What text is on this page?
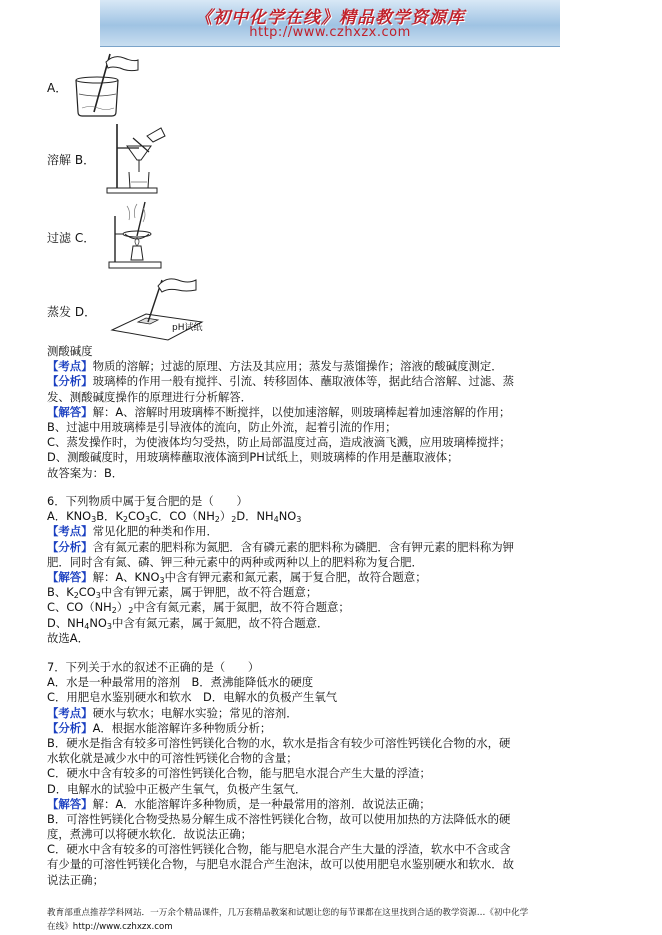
《初中化学在线》精品教学资源库
http://www.czhxzx.com
A．
溶解 B．
过滤 C．
蒸发 D．
pH试纸
测酸碱度
【考点】物质的溶解；过滤的原理、方法及其应用；蒸发与蒸馏操作；溶液的酸碱度测定．
【分析】玻璃棒的作用一般有搅拌、引流、转移固体、蘸取液体等，据此结合溶解、过滤、蒸
发、测酸碱度操作的原理进行分析解答．
【解答】解：A、溶解时用玻璃棒不断搅拌，以使加速溶解，则玻璃棒起着加速溶解的作用；
B、过滤中用玻璃棒是引导液体的流向，防止外流，起着引流的作用；
C、蒸发操作时，为使液体均匀受热，防止局部温度过高，造成液滴飞溅，应用玻璃棒搅拌；
D、测酸碱度时，用玻璃棒蘸取液体滴到PH试纸上，则玻璃棒的作用是蘸取液体；
故答案为：B．
6．下列物质中属于复合肥的是（　　）
A．$KNO_3B$．$K_2CO_3C$．$CO(NH_2)_2D$．$NH_4NO_3$
【考点】常见化肥的种类和作用．
【分析】含有氮元素的肥料称为氮肥．含有磷元素的肥料称为磷肥．含有钾元素的肥料称为钾
肥．同时含有氮、磷、钾三种元素中的两种或两种以上的肥料称为复合肥．
【解答】解：A、$KNO_3$中含有钾元素和氮元素，属于复合肥，故符合题意；
B、$K_2CO_3$中含有钾元素，属于钾肥，故不符合题意；
C、$CO(NH_2)_2$中含有氮元素，属于氮肥，故不符合题意；
D、$NH_4NO_3$中含有氮元素，属于氮肥，故不符合题意．
故选A．
7．下列关于水的叙述不正确的是（　　）
A．水是一种最常用的溶剂　B．煮沸能降低水的硬度
C．用肥皂水鉴别硬水和软水　D．电解水的负极产生氧气
【考点】硬水与软水；电解水实验；常见的溶剂．
【分析】A．根据水能溶解许多种物质分析；
B．硬水是指含有较多可溶性钙镁化合物的水，软水是指含有较少可溶性钙镁化合物的水，硬
水软化就是减少水中的可溶性钙镁化合物的含量；
C．硬水中含有较多的可溶性钙镁化合物，能与肥皂水混合产生大量的浮渣；
D．电解水的试验中正极产生氧气，负极产生氢气．
【解答】解：A．水能溶解许多种物质，是一种最常用的溶剂．故说法正确；
B．可溶性钙镁化合物受热易分解生成不溶性钙镁化合物，故可以使用加热的方法降低水的硬
度，煮沸可以将硬水软化．故说法正确；
C．硬水中含有较多的可溶性钙镁化合物，能与肥皂水混合产生大量的浮渣，软水中不含或含
有少量的可溶性钙镁化合物，与肥皂水混合产生泡沫，故可以使用肥皂水鉴别硬水和软水．故
说法正确；
教育部重点推荐学科网站．一万余个精品课件，几万套精品教案和试题让您的每节课都在这里找到合适的教学资源…《初中化学
在线》http://www.czhxzx.com
